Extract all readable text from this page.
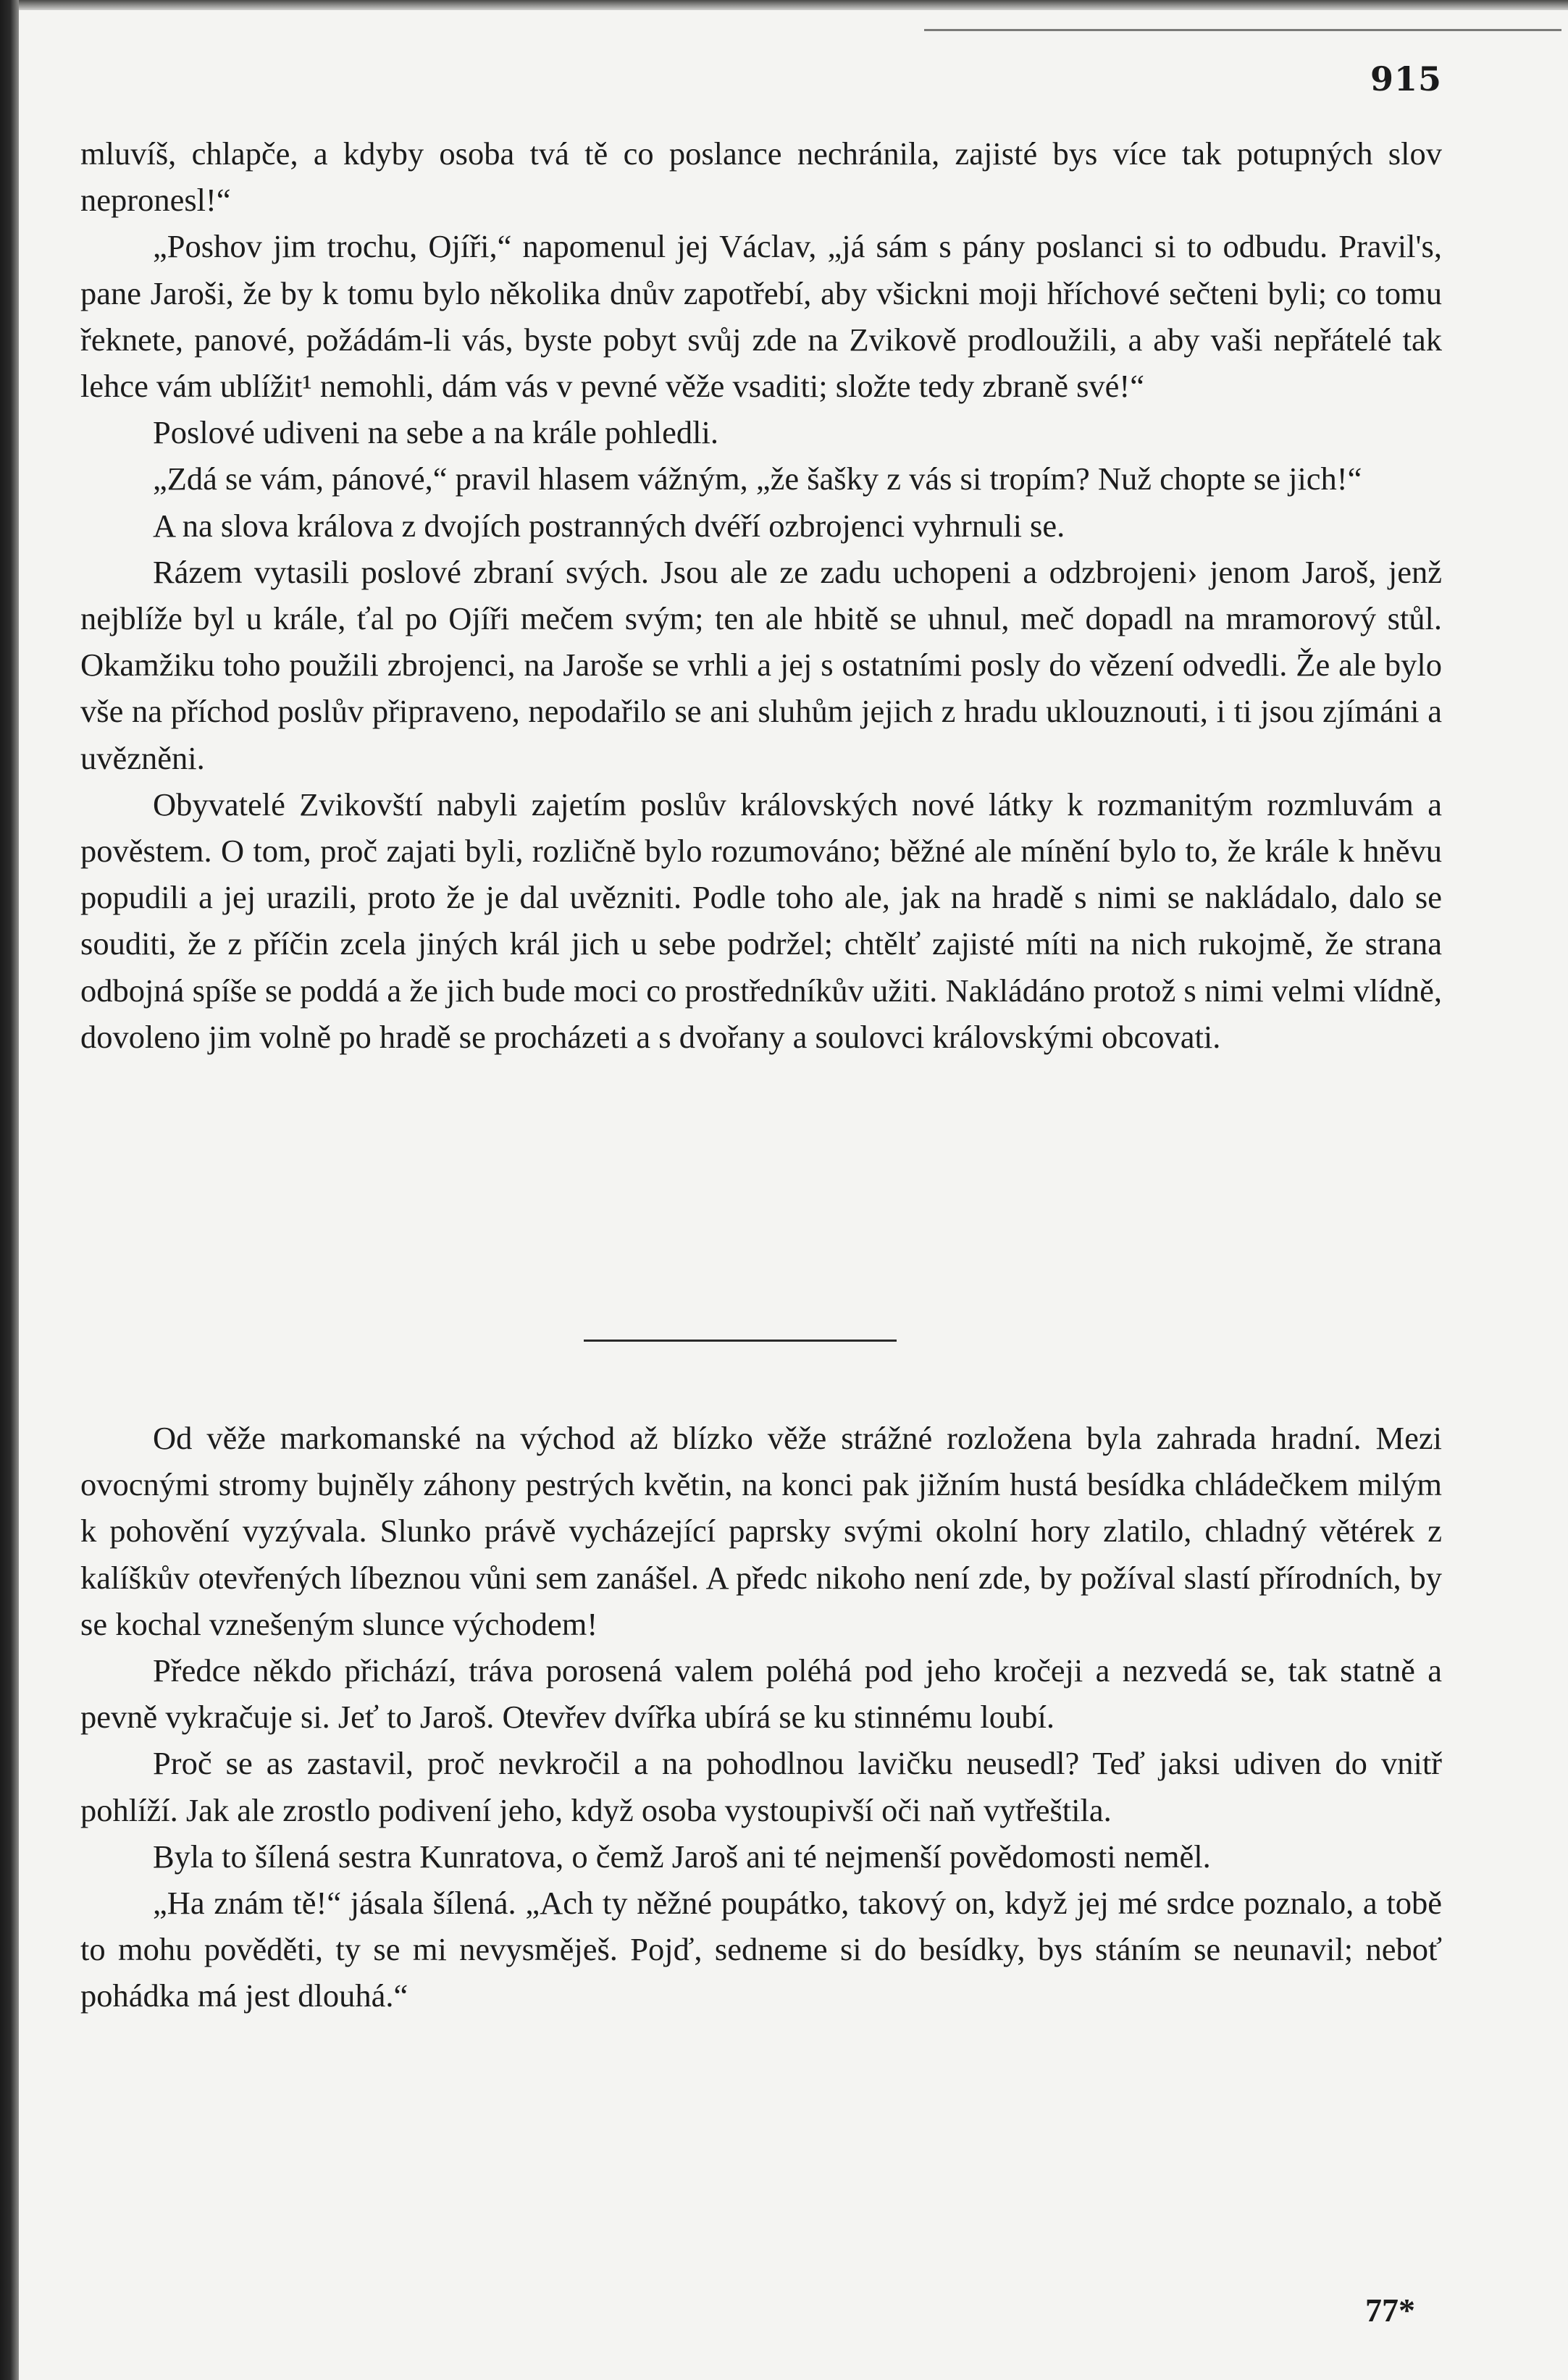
915

mluvíš, chlapče, a kdyby osoba tvá tě co poslance nechránila, zajisté bys více tak potupných slov nepronesl!“

„Poshov jim trochu, Ojíři,“ napomenul jej Václav, „já sám s pány poslanci si to odbudu. Pravil's, pane Jaroši, že by k tomu bylo několika dnův zapotřebí, aby všickni moji hříchové sečteni byli; co tomu řeknete, panové, požádám-li vás, byste pobyt svůj zde na Zvikově prodloužili, a aby vaši nepřátelé tak lehce vám ublížit¹ nemohli, dám vás v pevné věže vsaditi; složte tedy zbraně své!“

Poslové udiveni na sebe a na krále pohledli.

„Zdá se vám, pánové,“ pravil hlasem vážným, „že šašky z vás si tropím? Nuž chopte se jich!“

A na slova králova z dvojích postranných dvéří ozbrojenci vyhrnuli se.

Rázem vytasili poslové zbraní svých. Jsou ale ze zadu uchopeni a odzbrojeni› jenom Jaroš, jenž nejblíže byl u krále, ťal po Ojíři mečem svým; ten ale hbitě se uhnul, meč dopadl na mramorový stůl. Okamžiku toho použili zbrojenci, na Jaroše se vrhli a jej s ostatními posly do vězení odvedli. Že ale bylo vše na příchod poslův připraveno, nepodařilo se ani sluhům jejich z hradu uklouznouti, i ti jsou zjímáni a uvězněni.

Obyvatelé Zvikovští nabyli zajetím poslův královských nové látky k rozmanitým rozmluvám a pověstem. O tom, proč zajati byli, rozličně bylo rozumováno; běžné ale mínění bylo to, že krále k hněvu popudili a jej urazili, proto že je dal uvězniti. Podle toho ale, jak na hradě s nimi se nakládalo, dalo se souditi, že z příčin zcela jiných král jich u sebe podržel; chtělť zajisté míti na nich rukojmě, že strana odbojná spíše se poddá a že jich bude moci co prostředníkův užiti. Nakládáno protož s nimi velmi vlídně, dovoleno jim volně po hradě se procházeti a s dvořany a soulovci královskými obcovati.

Od věže markomanské na východ až blízko věže strážné rozložena byla zahrada hradní. Mezi ovocnými stromy bujněly záhony pestrých květin, na konci pak jižním hustá besídka chládečkem milým k pohovění vyzývala. Slunko právě vycházející paprsky svými okolní hory zlatilo, chladný větérek z kalíškův otevřených líbeznou vůni sem zanášel. A předc nikoho není zde, by požíval slastí přírodních, by se kochal vznešeným slunce východem!

Předce někdo přichází, tráva porosená valem poléhá pod jeho kročeji a nezvedá se, tak statně a pevně vykračuje si. Jeť to Jaroš. Otevřev dvířka ubírá se ku stinnému loubí.

Proč se as zastavil, proč nevkročil a na pohodlnou lavičku neusedl? Teď jaksi udiven do vnitř pohlíží. Jak ale zrostlo podivení jeho, když osoba vystoupivší oči naň vytřeštila.

Byla to šílená sestra Kunratova, o čemž Jaroš ani té nejmenší povědomosti neměl.

„Ha znám tě!“ jásala šílená. „Ach ty něžné poupátko, takový on, když jej mé srdce poznalo, a tobě to mohu pověděti, ty se mi nevysměješ. Pojď, sedneme si do besídky, bys stáním se neunavil; neboť pohádka má jest dlouhá.“

77*
